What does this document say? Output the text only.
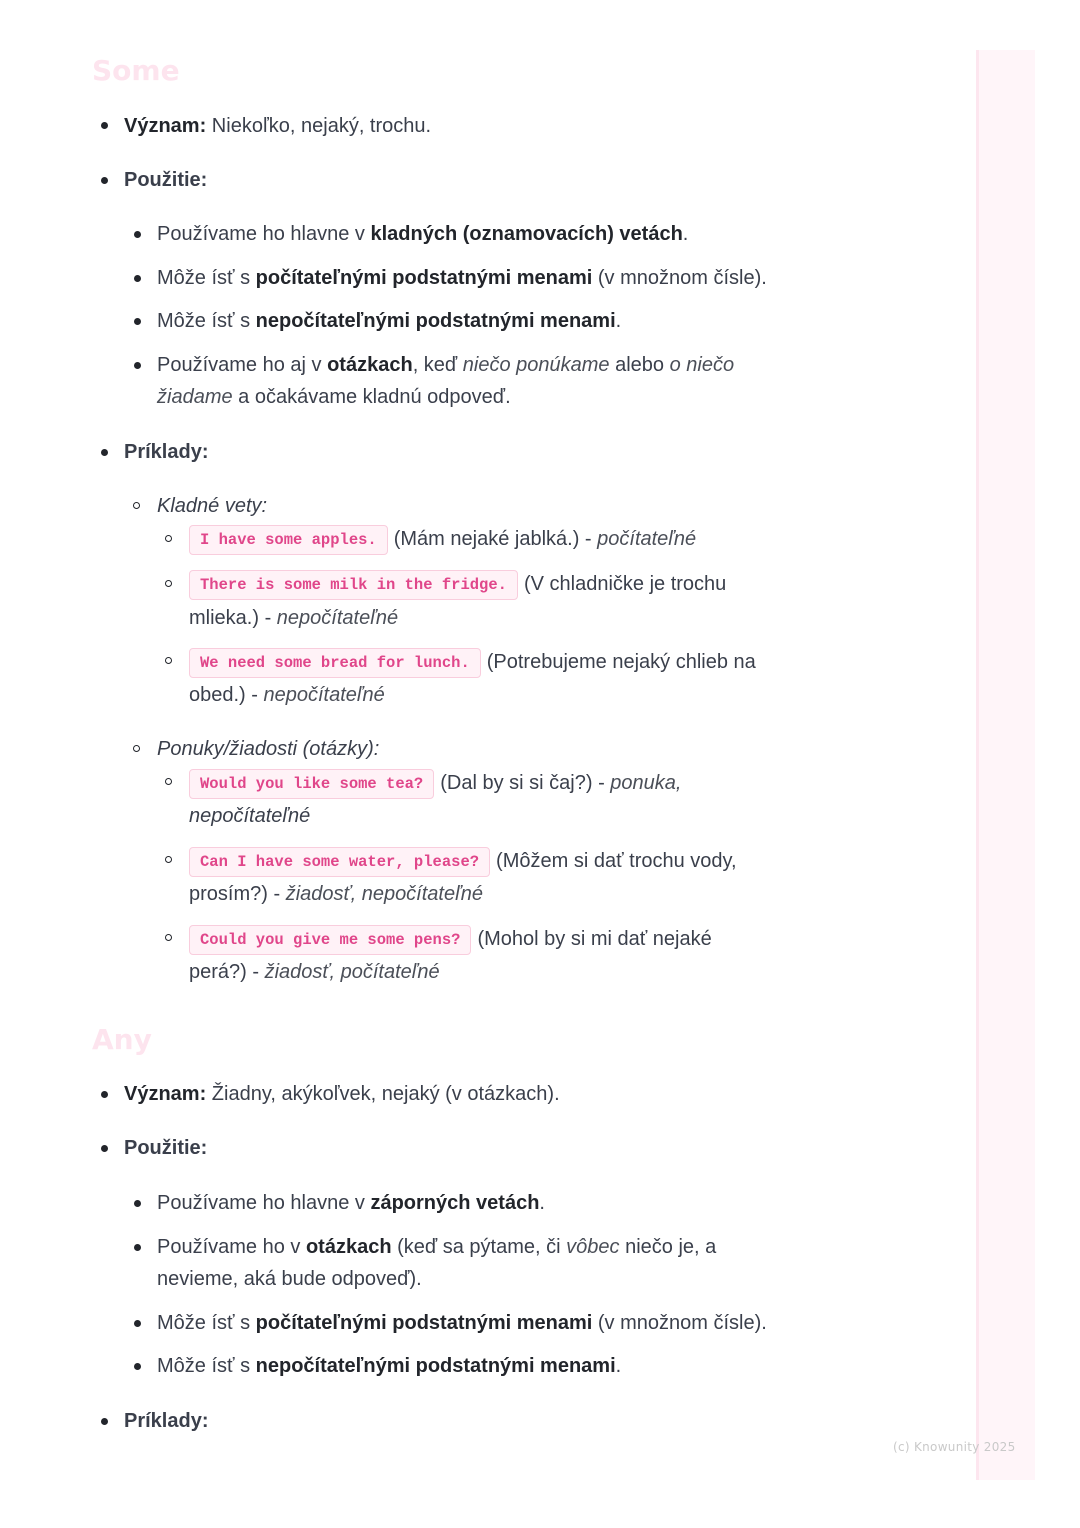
Some
Význam: Niekoľko, nejaký, trochu.
Použitie:
Používame ho hlavne v kladných (oznamovacích) vetách.
Môže ísť s počítateľnými podstatnými menami (v množnom čísle).
Môže ísť s nepočítateľnými podstatnými menami.
Používame ho aj v otázkach, keď niečo ponúkame alebo o niečo
žiadame a očakávame kladnú odpoveď.
Príklady:
Kladné vety:
I have some apples. (Mám nejaké jablká.) - počítateľné
There is some milk in the fridge. (V chladničke je trochu
mlieka.) - nepočítateľné
We need some bread for lunch. (Potrebujeme nejaký chlieb na
obed.) - nepočítateľné
Ponuky/žiadosti (otázky):
Would you like some tea? (Dal by si si čaj?) - ponuka,
nepočítateľné
Can I have some water, please? (Môžem si dať trochu vody,
prosím?) - žiadosť, nepočítateľné
Could you give me some pens? (Mohol by si mi dať nejaké
perá?) - žiadosť, počítateľné
Any
Význam: Žiadny, akýkoľvek, nejaký (v otázkach).
Použitie:
Používame ho hlavne v záporných vetách.
Používame ho v otázkach (keď sa pýtame, či vôbec niečo je, a
nevieme, aká bude odpoveď).
Môže ísť s počítateľnými podstatnými menami (v množnom čísle).
Môže ísť s nepočítateľnými podstatnými menami.
Príklady:
(c) Knowunity 2025
